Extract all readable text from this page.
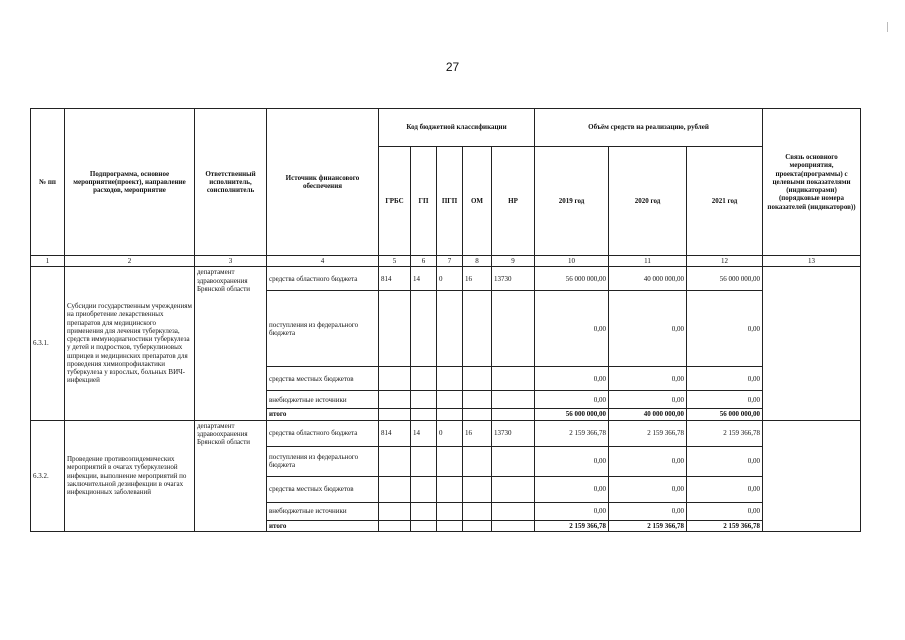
27
№ пп	Подпрограмма, основное мероприятие(проект), направление расходов, мероприятие	Ответственный исполнитель, соисполнитель	Источник финансового обеспечения	Код бюджетной классификации					Объём средств на реализацию, рублей			Связь основного мероприятия, проекта(программы) с целевыми показателями (индикаторами) (порядковые номера показателей (индикаторов))
				ГРБС	ГП	ПГП	ОМ	НР	2019 год	2020 год	2021 год	
1	2	3	4	5	6	7	8	9	10	11	12	13
6.3.1.	Субсидии государственным учреждениям на приобретение лекарственных препаратов для медицинского применения для лечения туберкулеза, средств иммунодиагностики туберкулеза у детей и подростков, туберкулиновых шприцев и медицинских препаратов для проведения химиопрофилактики туберкулеза у взрослых, больных ВИЧ-инфекцией	департамент здравоохранения Брянской области	средства областного бюджета	814	14	0	16	13730	56 000 000,00	40 000 000,00	56 000 000,00	
			поступления из федерального бюджета						0,00	0,00	0,00	
			средства местных бюджетов						0,00	0,00	0,00	
			внебюджетные источники						0,00	0,00	0,00	
			итого						56 000 000,00	40 000 000,00	56 000 000,00	
6.3.2.	Проведение противоэпидемических мероприятий в очагах туберкулезной инфекции, выполнение мероприятий по заключительной дезинфекции в очагах инфекционных заболеваний	департамент здравоохранения Брянской области	средства областного бюджета	814	14	0	16	13730	2 159 366,78	2 159 366,78	2 159 366,78	
			поступления из федерального бюджета						0,00	0,00	0,00	
			средства местных бюджетов						0,00	0,00	0,00	
			внебюджетные источники						0,00	0,00	0,00	
			итого						2 159 366,78	2 159 366,78	2 159 366,78	
